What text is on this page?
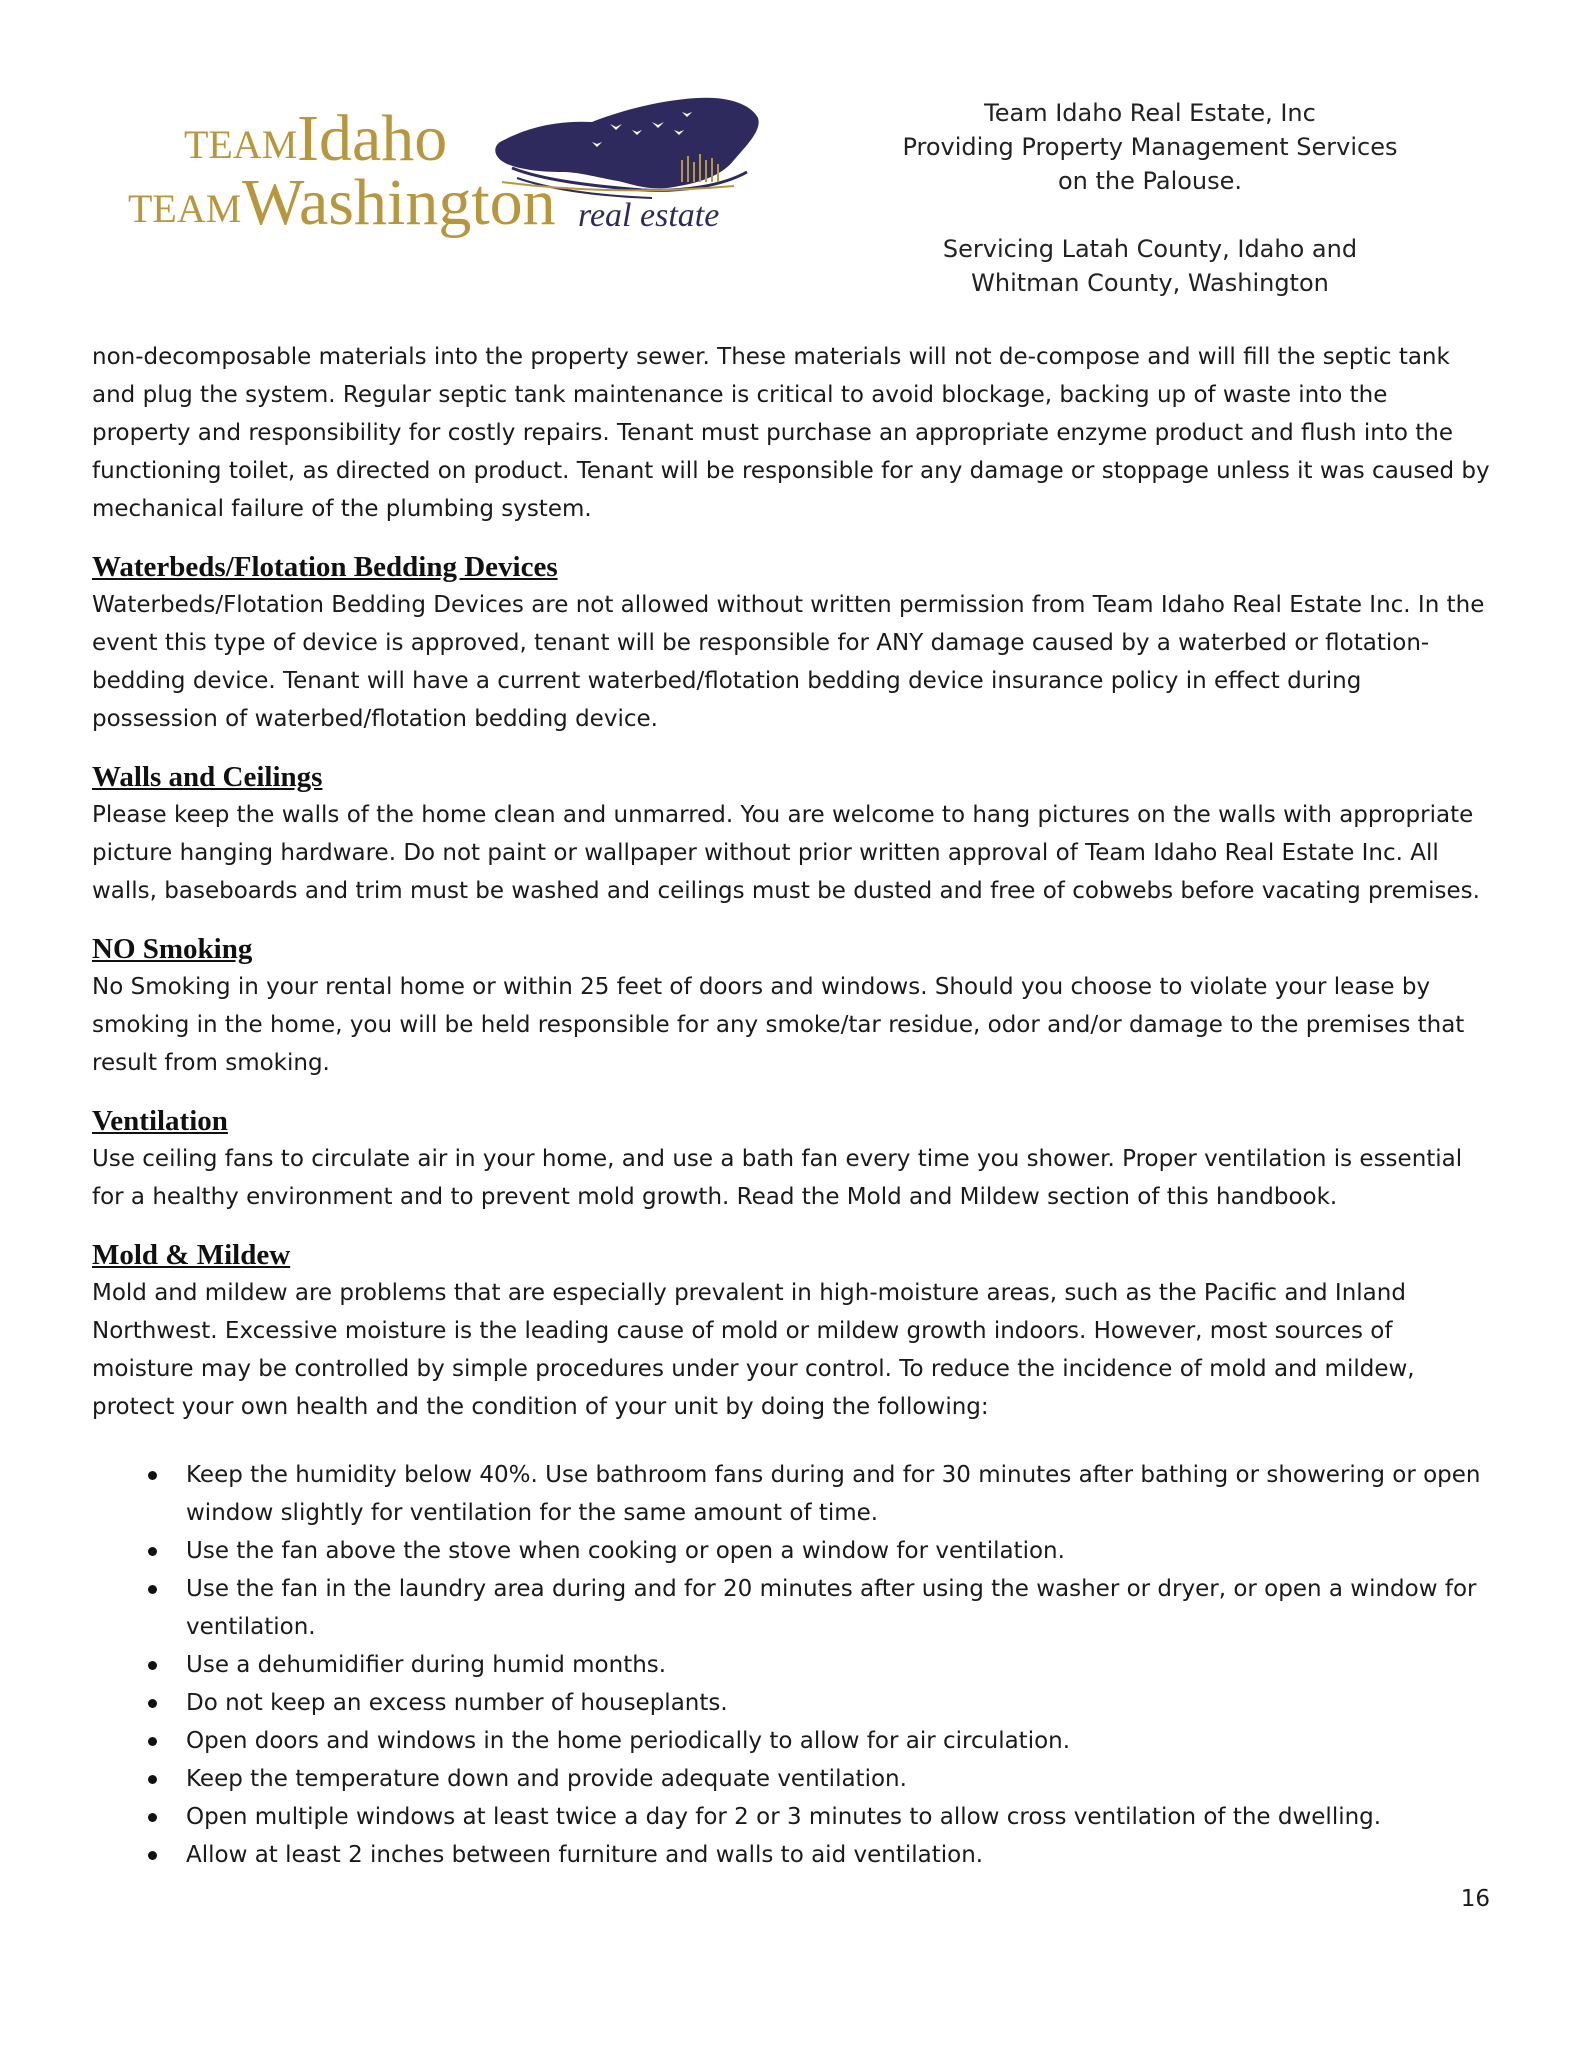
TEAM Idaho
TEAM Washington real estate
Team Idaho Real Estate, Inc
Providing Property Management Services
on the Palouse.
Servicing Latah County, Idaho and
Whitman County, Washington

non-decomposable materials into the property sewer. These materials will not de-compose and will fill the septic tank and plug the system. Regular septic tank maintenance is critical to avoid blockage, backing up of waste into the property and responsibility for costly repairs. Tenant must purchase an appropriate enzyme product and flush into the functioning toilet, as directed on product. Tenant will be responsible for any damage or stoppage unless it was caused by mechanical failure of the plumbing system.

Waterbeds/Flotation Bedding Devices

Waterbeds/Flotation Bedding Devices are not allowed without written permission from Team Idaho Real Estate Inc. In the event this type of device is approved, tenant will be responsible for ANY damage caused by a waterbed or flotation-bedding device. Tenant will have a current waterbed/flotation bedding device insurance policy in effect during possession of waterbed/flotation bedding device.

Walls and Ceilings

Please keep the walls of the home clean and unmarred. You are welcome to hang pictures on the walls with appropriate picture hanging hardware. Do not paint or wallpaper without prior written approval of Team Idaho Real Estate Inc. All walls, baseboards and trim must be washed and ceilings must be dusted and free of cobwebs before vacating premises.

NO Smoking

No Smoking in your rental home or within 25 feet of doors and windows. Should you choose to violate your lease by smoking in the home, you will be held responsible for any smoke/tar residue, odor and/or damage to the premises that result from smoking.

Ventilation

Use ceiling fans to circulate air in your home, and use a bath fan every time you shower. Proper ventilation is essential for a healthy environment and to prevent mold growth. Read the Mold and Mildew section of this handbook.

Mold & Mildew

Mold and mildew are problems that are especially prevalent in high-moisture areas, such as the Pacific and Inland Northwest. Excessive moisture is the leading cause of mold or mildew growth indoors. However, most sources of moisture may be controlled by simple procedures under your control. To reduce the incidence of mold and mildew, protect your own health and the condition of your unit by doing the following:

Keep the humidity below 40%. Use bathroom fans during and for 30 minutes after bathing or showering or open window slightly for ventilation for the same amount of time.
Use the fan above the stove when cooking or open a window for ventilation.
Use the fan in the laundry area during and for 20 minutes after using the washer or dryer, or open a window for ventilation.
Use a dehumidifier during humid months.
Do not keep an excess number of houseplants.
Open doors and windows in the home periodically to allow for air circulation.
Keep the temperature down and provide adequate ventilation.
Open multiple windows at least twice a day for 2 or 3 minutes to allow cross ventilation of the dwelling.
Allow at least 2 inches between furniture and walls to aid ventilation.
16
